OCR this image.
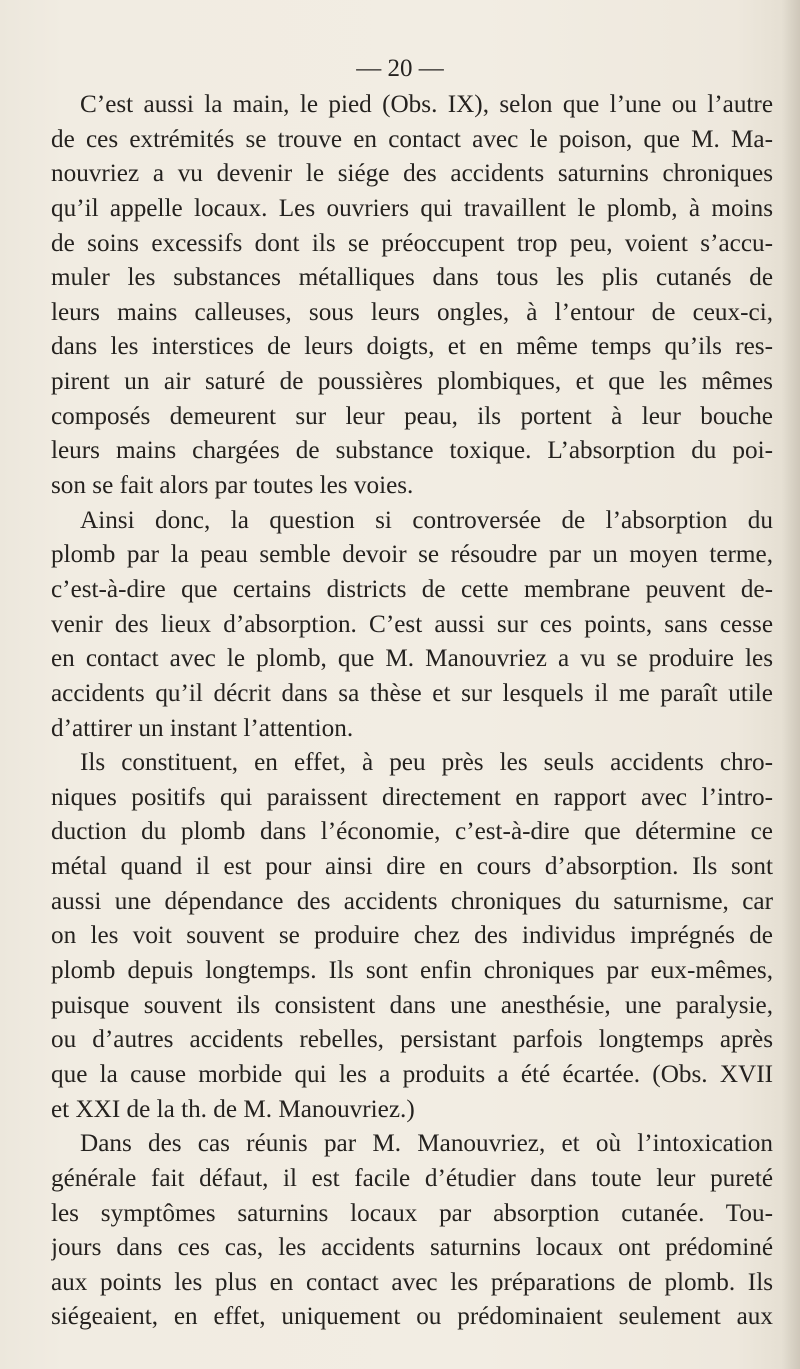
— 20 —

C’est aussi la main, le pied (Obs. IX), selon que l’une ou l’autre
de ces extrémités se trouve en contact avec le poison, que M. Ma-
nouvriez a vu devenir le siége des accidents saturnins chroniques
qu’il appelle locaux. Les ouvriers qui travaillent le plomb, à moins
de soins excessifs dont ils se préoccupent trop peu, voient s’accu-
muler les substances métalliques dans tous les plis cutanés de
leurs mains calleuses, sous leurs ongles, à l’entour de ceux-ci,
dans les interstices de leurs doigts, et en même temps qu’ils res-
pirent un air saturé de poussières plombiques, et que les mêmes
composés demeurent sur leur peau, ils portent à leur bouche
leurs mains chargées de substance toxique. L’absorption du poi-
son se fait alors par toutes les voies.
Ainsi donc, la question si controversée de l’absorption du
plomb par la peau semble devoir se résoudre par un moyen terme,
c’est-à-dire que certains districts de cette membrane peuvent de-
venir des lieux d’absorption. C’est aussi sur ces points, sans cesse
en contact avec le plomb, que M. Manouvriez a vu se produire les
accidents qu’il décrit dans sa thèse et sur lesquels il me paraît utile
d’attirer un instant l’attention.
Ils constituent, en effet, à peu près les seuls accidents chro-
niques positifs qui paraissent directement en rapport avec l’intro-
duction du plomb dans l’économie, c’est-à-dire que détermine ce
métal quand il est pour ainsi dire en cours d’absorption. Ils sont
aussi une dépendance des accidents chroniques du saturnisme, car
on les voit souvent se produire chez des individus imprégnés de
plomb depuis longtemps. Ils sont enfin chroniques par eux-mêmes,
puisque souvent ils consistent dans une anesthésie, une paralysie,
ou d’autres accidents rebelles, persistant parfois longtemps après
que la cause morbide qui les a produits a été écartée. (Obs. XVII
et XXI de la th. de M. Manouvriez.)
Dans des cas réunis par M. Manouvriez, et où l’intoxication
générale fait défaut, il est facile d’étudier dans toute leur pureté
les symptômes saturnins locaux par absorption cutanée. Tou-
jours dans ces cas, les accidents saturnins locaux ont prédominé
aux points les plus en contact avec les préparations de plomb. Ils
siégeaient, en effet, uniquement ou prédominaient seulement aux
